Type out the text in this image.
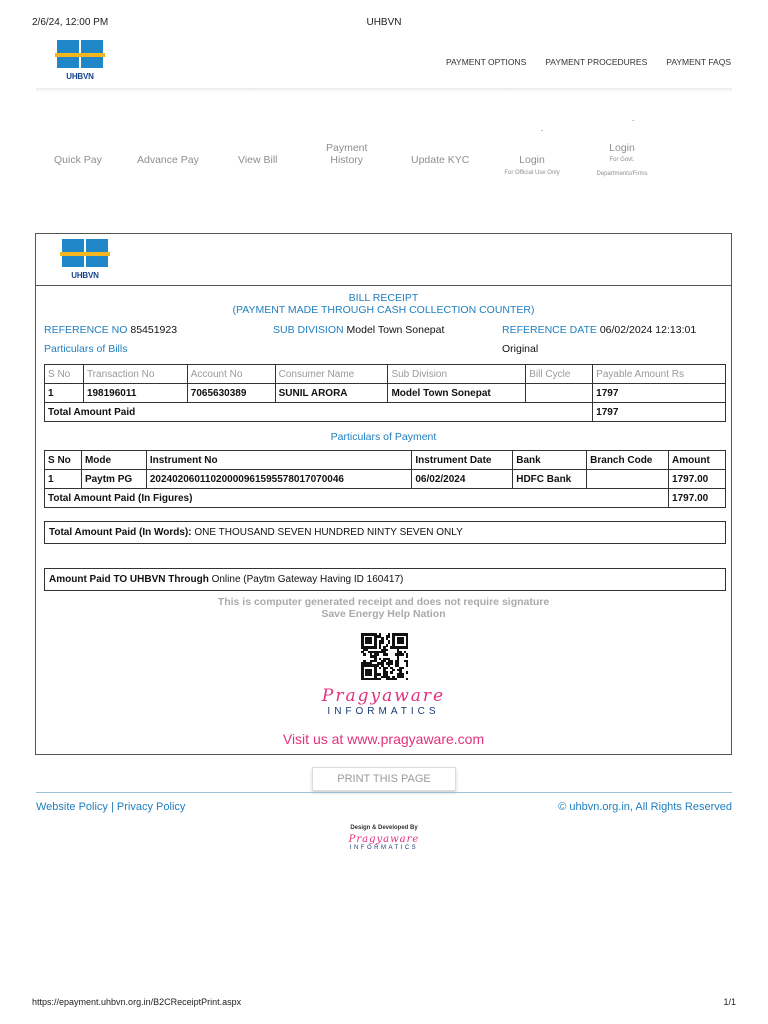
2/6/24, 12:00 PM	UHBVN
UHBVN
PAYMENT OPTIONS PAYMENT PROCEDURES PAYMENT FAQS
Quick Pay	Advance Pay	View Bill
Payment
History	Update KYC	Login
For Official Use Only
Login
For Govt.
Departments/Firms
.
.
UHBVN
BILL RECEIPT
(PAYMENT MADE THROUGH CASH COLLECTION COUNTER)
REFERENCE NO 85451923	SUB DIVISION Model Town Sonepat	REFERENCE DATE 06/02/2024 12:13:01
Particulars of Bills	Original
S No	Transaction No	Account No	Consumer Name	Sub Division	Bill Cycle	Payable Amount Rs
1	198196011	7065630389	SUNIL ARORA	Model Town Sonepat		1797
Total Amount Paid						1797
Particulars of Payment
S No	Mode	Instrument No	Instrument Date	Bank	Branch Code	Amount
1	Paytm PG	202402060110200009615955780170​70046	06/02/2024	HDFC Bank		1797.00
Total Amount Paid (In Figures)						1797.00
Total Amount Paid (In Words): ONE THOUSAND SEVEN HUNDRED NINTY SEVEN ONLY
Amount Paid TO UHBVN Through Online (Paytm Gateway Having ID 160417)
This is computer generated receipt and does not require signature
Save Energy Help Nation
Pragyaware
INFORMATICS
Visit us at www.pragyaware.com
PRINT THIS PAGE
Website Policy | Privacy Policy	© uhbvn.org.in, All Rights Reserved
Design & Developed By
Pragyaware
INFORMATICS
https://epayment.uhbvn.org.in/B2CReceiptPrint.aspx	1/1
